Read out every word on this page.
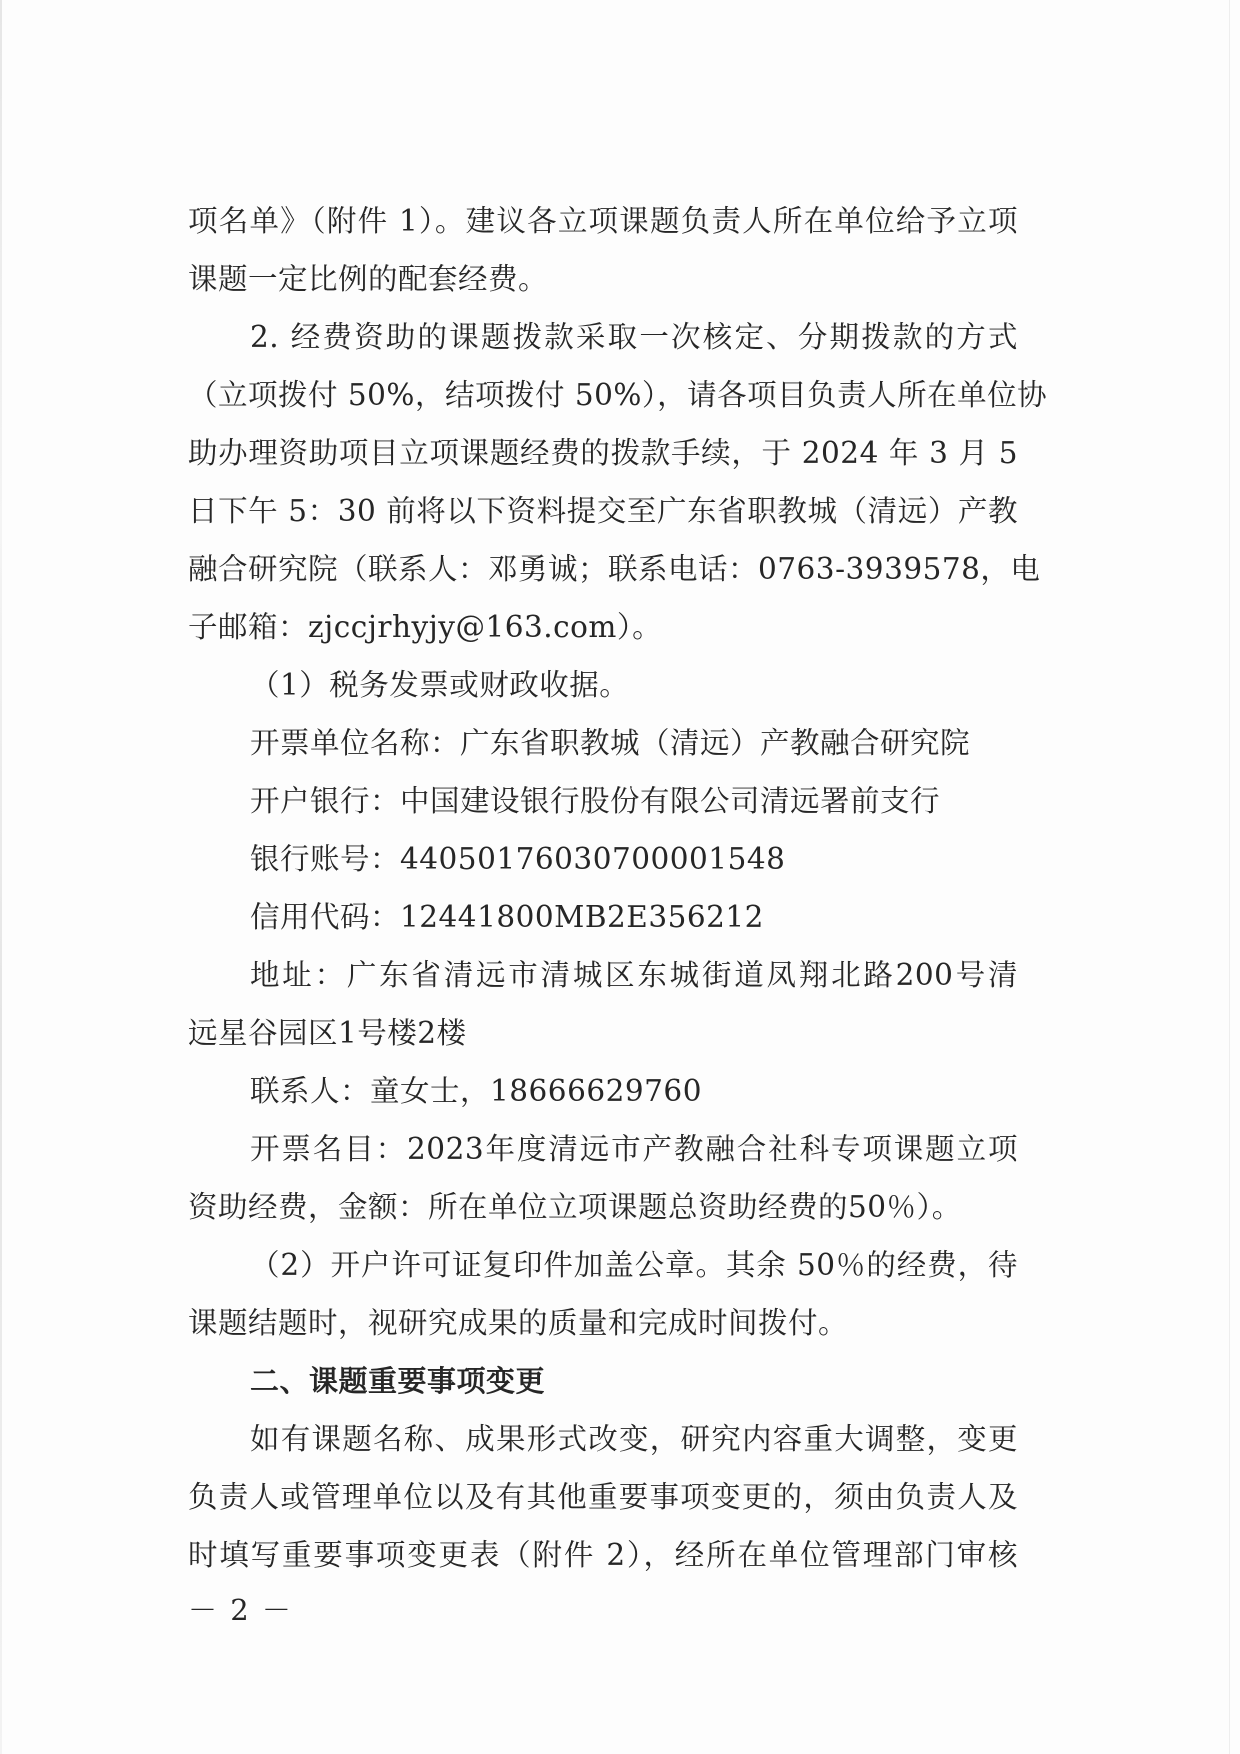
项名单》（附件 1）。建议各立项课题负责人所在单位给予立项
课题一定比例的配套经费。
2. 经费资助的课题拨款采取一次核定、分期拨款的方式
（立项拨付 50%，结项拨付 50%），请各项目负责人所在单位协
助办理资助项目立项课题经费的拨款手续，于 2024 年 3 月 5
日下午 5：30 前将以下资料提交至广东省职教城（清远）产教
融合研究院（联系人：邓勇诚；联系电话：0763-3939578，电
子邮箱：zjccjrhyjy@163.com）。
（1）税务发票或财政收据。
开票单位名称：广东省职教城（清远）产教融合研究院
开户银行：中国建设银行股份有限公司清远署前支行
银行账号：44050176030700001548
信用代码：12441800MB2E356212
地址：广东省清远市清城区东城街道凤翔北路200号清
远星谷园区1号楼2楼
联系人：童女士，18666629760
开票名目：2023年度清远市产教融合社科专项课题立项
资助经费，金额：所在单位立项课题总资助经费的50％）。
（2）开户许可证复印件加盖公章。其余 50％的经费，待
课题结题时，视研究成果的质量和完成时间拨付。
二、课题重要事项变更
如有课题名称、成果形式改变，研究内容重大调整，变更
负责人或管理单位以及有其他重要事项变更的，须由负责人及
时填写重要事项变更表（附件 2），经所在单位管理部门审核
－ 2 －
